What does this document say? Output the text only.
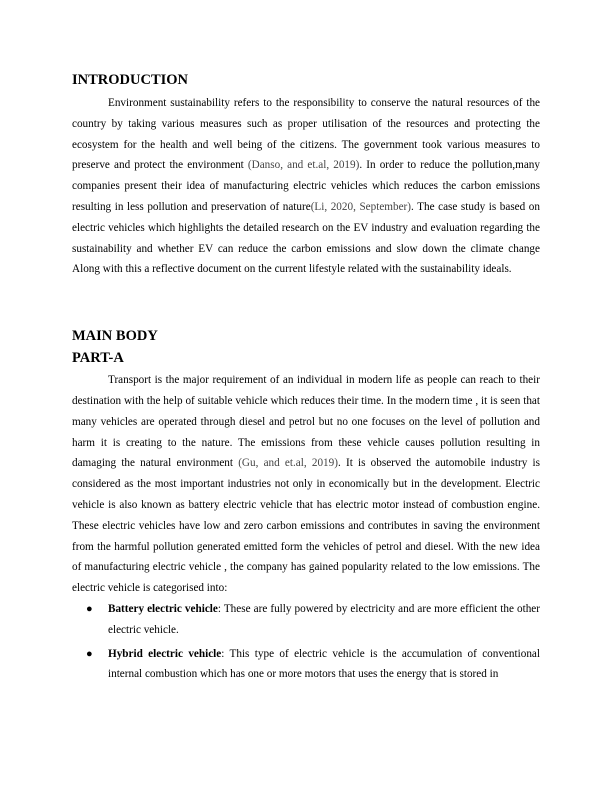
INTRODUCTION

Environment sustainability refers to the responsibility to conserve the natural resources of the country by taking various measures such as proper utilisation of the resources and protecting the ecosystem for the health and well being of the citizens. The government took various measures to preserve and protect the environment (Danso, and et.al, 2019). In order to reduce the pollution,many companies present their idea of manufacturing electric vehicles which reduces the carbon emissions resulting in less pollution and preservation of nature(Li, 2020, September). The case study is based on electric vehicles which highlights the detailed research on the EV industry and evaluation regarding the sustainability and whether EV can reduce the carbon emissions and slow down the climate change Along with this a reflective document on the current lifestyle related with the sustainability ideals.

MAIN BODY
PART-A

Transport is the major requirement of an individual in modern life as people can reach to their destination with the help of suitable vehicle which reduces their time. In the modern time , it is seen that many vehicles are operated through diesel and petrol but no one focuses on the level of pollution and harm it is creating to the nature. The emissions from these vehicle causes pollution resulting in damaging the natural environment (Gu, and et.al, 2019). It is observed the automobile industry is considered as the most important industries not only in economically but in the development. Electric vehicle is also known as battery electric vehicle that has electric motor instead of combustion engine. These electric vehicles have low and zero carbon emissions and contributes in saving the environment from the harmful pollution generated emitted form the vehicles of petrol and diesel. With the new idea of manufacturing electric vehicle , the company has gained popularity related to the low emissions. The electric vehicle is categorised into:

● Battery electric vehicle: These are fully powered by electricity and are more efficient the other electric vehicle.
● Hybrid electric vehicle: This type of electric vehicle is the accumulation of conventional internal combustion which has one or more motors that uses the energy that is stored in
